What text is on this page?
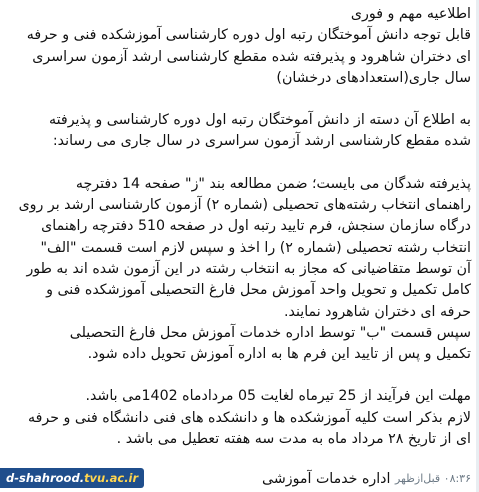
اطلاعیه مهم و فوری

قابل توجه دانش آموختگان رتبه اول دوره کارشناسی آموزشکده فنی و حرفه

ای دختران شاهرود و پذیرفته شده مقطع کارشناسی ارشد آزمون سراسری

سال جاری(استعدادهای درخشان)

به اطلاع آن دسته از دانش آموختگان رتبه اول دوره کارشناسی و پذیرفته

شده مقطع کارشناسی ارشد آزمون سراسری در سال جاری می رساند:

پذیرفته شدگان می بایست؛ ضمن مطالعه بند "ز" صفحه 14 دفترچه

راهنمای انتخاب رشته‌های تحصیلی (شماره ۲) آزمون کارشناسی ارشد بر روی

درگاه سازمان سنجش، فرم تایید رتبه اول در صفحه 510 دفترچه راهنمای

انتخاب رشته تحصیلی (شماره ۲) را اخذ و سپس لازم است قسمت "الف"

آن توسط متقاضیانی که مجاز به انتخاب رشته در این آزمون شده اند به طور

کامل تکمیل و تحویل واحد آموزش محل فارغ التحصیلی آموزشکده فنی و

حرفه ای دختران شاهرود نمایند.

سپس قسمت "ب" توسط اداره خدمات آموزش محل فارغ التحصیلی

تکمیل و پس از تایید این فرم ها به اداره آموزش تحویل داده شود.

مهلت این فرآیند از 25 تیرماه لغایت 05 مردادماه 1402می باشد.

لازم بذکر است کلیه آموزشکده ها و دانشکده های فنی دانشگاه فنی و حرفه

ای از تاریخ ۲۸ مرداد ماه به مدت سه هفته تعطیل می باشد .

d-shahrood.tvu.ac.ir	اداره خدمات آموزشی ۰۸:۳۶ قبل‌ازظهر
